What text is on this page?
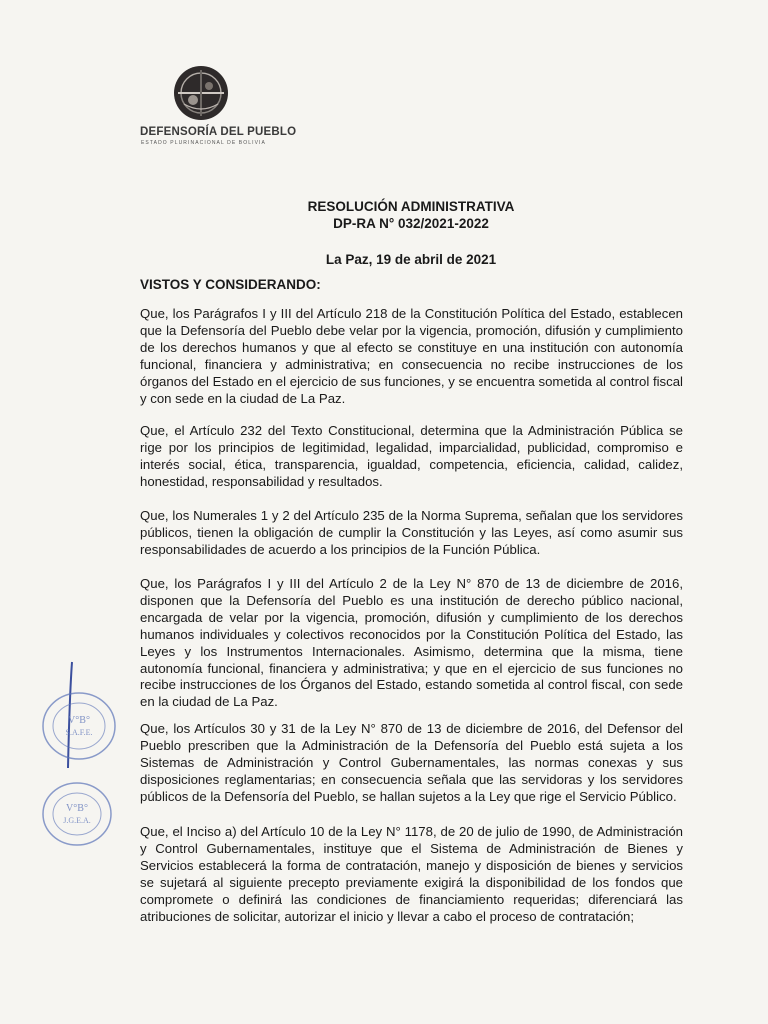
DEFENSORÍA DEL PUEBLO
ESTADO PLURINACIONAL DE BOLIVIA
RESOLUCIÓN ADMINISTRATIVA
DP-RA N° 032/2021-2022
La Paz, 19 de abril de 2021
VISTOS Y CONSIDERANDO:

Que, los Parágrafos I y III del Artículo 218 de la Constitución Política del Estado, establecen que la Defensoría del Pueblo debe velar por la vigencia, promoción, difusión y cumplimiento de los derechos humanos y que al efecto se constituye en una institución con autonomía funcional, financiera y administrativa; en consecuencia no recibe instrucciones de los órganos del Estado en el ejercicio de sus funciones, y se encuentra sometida al control fiscal y con sede en la ciudad de La Paz.

Que, el Artículo 232 del Texto Constitucional, determina que la Administración Pública se rige por los principios de legitimidad, legalidad, imparcialidad, publicidad, compromiso e interés social, ética, transparencia, igualdad, competencia, eficiencia, calidad, calidez, honestidad, responsabilidad y resultados.

Que, los Numerales 1 y 2 del Artículo 235 de la Norma Suprema, señalan que los servidores públicos, tienen la obligación de cumplir la Constitución y las Leyes, así como asumir sus responsabilidades de acuerdo a los principios de la Función Pública.

Que, los Parágrafos I y III del Artículo 2 de la Ley N° 870 de 13 de diciembre de 2016, disponen que la Defensoría del Pueblo es una institución de derecho público nacional, encargada de velar por la vigencia, promoción, difusión y cumplimiento de los derechos humanos individuales y colectivos reconocidos por la Constitución Política del Estado, las Leyes y los Instrumentos Internacionales. Asimismo, determina que la misma, tiene autonomía funcional, financiera y administrativa; y que en el ejercicio de sus funciones no recibe instrucciones de los Órganos del Estado, estando sometida al control fiscal, con sede en la ciudad de La Paz.

Que, los Artículos 30 y 31 de la Ley N° 870 de 13 de diciembre de 2016, del Defensor del Pueblo prescriben que la Administración de la Defensoría del Pueblo está sujeta a los Sistemas de Administración y Control Gubernamentales, las normas conexas y sus disposiciones reglamentarias; en consecuencia señala que las servidoras y los servidores públicos de la Defensoría del Pueblo, se hallan sujetos a la Ley que rige el Servicio Público.

Que, el Inciso a) del Artículo 10 de la Ley N° 1178, de 20 de julio de 1990, de Administración y Control Gubernamentales, instituye que el Sistema de Administración de Bienes y Servicios establecerá la forma de contratación, manejo y disposición de bienes y servicios se sujetará al siguiente precepto previamente exigirá la disponibilidad de los fondos que compromete o definirá las condiciones de financiamiento requeridas; diferenciará las atribuciones de solicitar, autorizar el inicio y llevar a cabo el proceso de contratación;

V°B°
S.A.F.E.
V°B°
J.G.E.A.
